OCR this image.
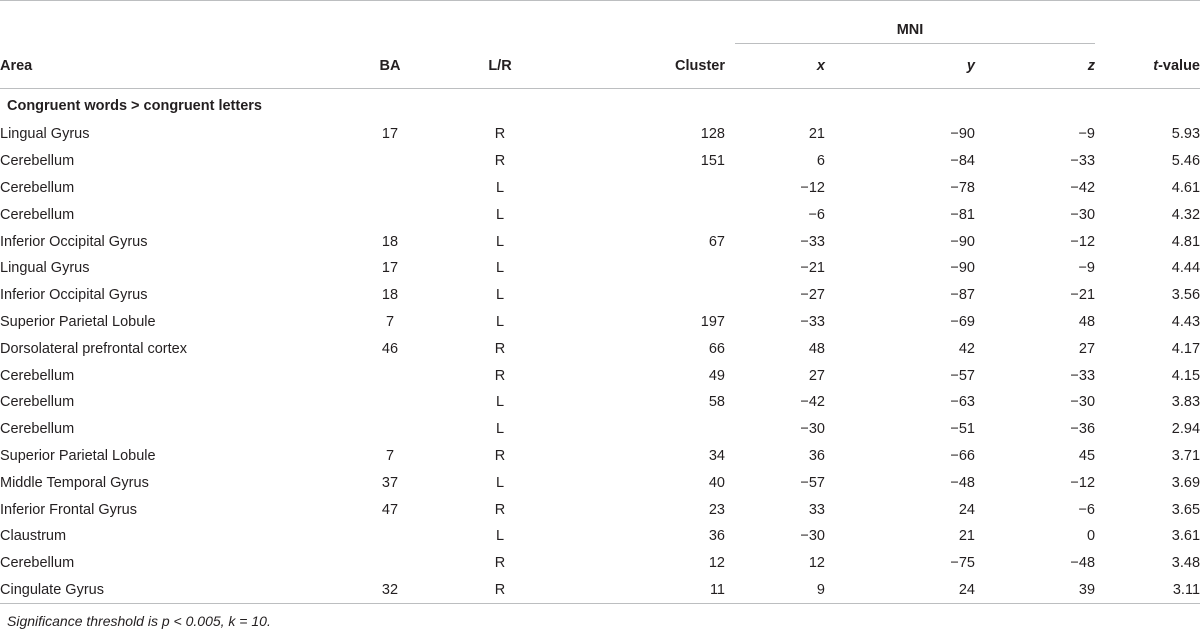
				MNI		

Area	BA	L/R	Cluster	x	y	z	t-value
Congruent words > congruent letters							
Lingual Gyrus	17	R	128	21	−90	−9	5.93
Cerebellum		R	151	6	−84	−33	5.46
Cerebellum		L		−12	−78	−42	4.61
Cerebellum		L		−6	−81	−30	4.32
Inferior Occipital Gyrus	18	L	67	−33	−90	−12	4.81
Lingual Gyrus	17	L		−21	−90	−9	4.44
Inferior Occipital Gyrus	18	L		−27	−87	−21	3.56
Superior Parietal Lobule	7	L	197	−33	−69	48	4.43
Dorsolateral prefrontal cortex	46	R	66	48	42	27	4.17
Cerebellum		R	49	27	−57	−33	4.15
Cerebellum		L	58	−42	−63	−30	3.83
Cerebellum		L		−30	−51	−36	2.94
Superior Parietal Lobule	7	R	34	36	−66	45	3.71
Middle Temporal Gyrus	37	L	40	−57	−48	−12	3.69
Inferior Frontal Gyrus	47	R	23	33	24	−6	3.65
Claustrum		L	36	−30	21	0	3.61
Cerebellum		R	12	12	−75	−48	3.48
Cingulate Gyrus	32	R	11	9	24	39	3.11
Significance threshold is p < 0.005, k = 10.
